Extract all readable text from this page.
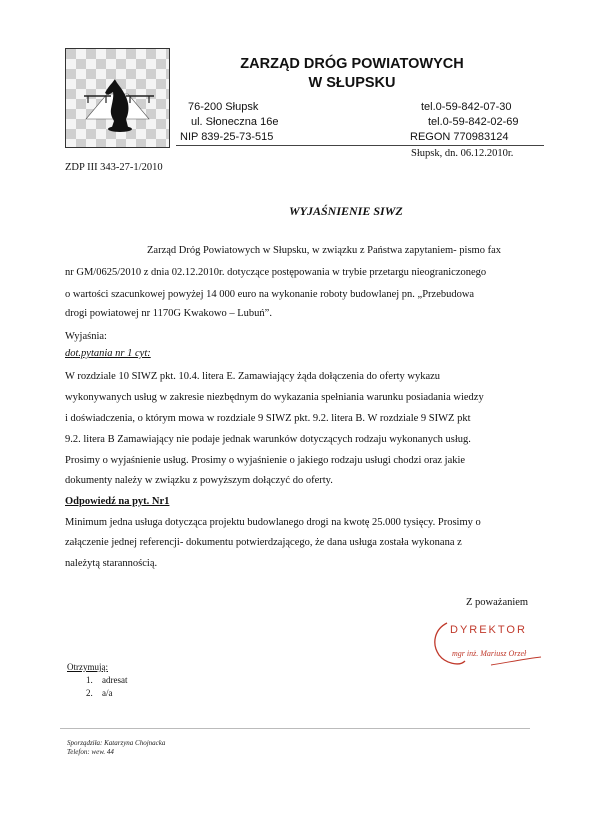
ZARZĄD DRÓG POWIATOWYCH
W SŁUPSKU
76-200 Słupsk
ul. Słoneczna 16e
NIP 839-25-73-515
tel.0-59-842-07-30
tel.0-59-842-02-69
REGON 770983124
Słupsk, dn. 06.12.2010r.
ZDP III 343-27-1/2010
WYJAŚNIENIE SIWZ
Zarząd Dróg Powiatowych w Słupsku, w związku z Państwa zapytaniem- pismo fax
nr GM/0625/2010 z dnia 02.12.2010r. dotyczące postępowania w trybie przetargu nieograniczonego
o wartości szacunkowej powyżej 14 000 euro na wykonanie roboty budowlanej pn. „Przebudowa
drogi powiatowej nr 1170G Kwakowo – Lubuń”.
Wyjaśnia:
dot.pytania nr 1 cyt:
W rozdziale 10 SIWZ pkt. 10.4. litera E. Zamawiający żąda dołączenia do oferty wykazu
wykonywanych usług w zakresie niezbędnym do wykazania spełniania warunku posiadania wiedzy
i doświadczenia, o którym mowa w rozdziale 9 SIWZ pkt. 9.2. litera B. W rozdziale 9 SIWZ pkt
9.2. litera B Zamawiający nie podaje jednak warunków dotyczących rodzaju wykonanych usług.
Prosimy o wyjaśnienie usług. Prosimy o wyjaśnienie o jakiego rodzaju usługi chodzi oraz jakie
dokumenty należy w związku z powyższym dołączyć do oferty.
Odpowiedź na pyt. Nr1
Minimum jedna usługa dotycząca projektu budowlanego drogi na kwotę 25.000 tysięcy. Prosimy o
załączenie jednej referencji- dokumentu potwierdzającego, że dana usługa została wykonana z
należytą starannością.
Z poważaniem
DYREKTOR
mgr inż. Mariusz Orzeł
Otrzymują:
1. adresat
2. a/a
Sporządziła: Katarzyna Chojnacka
Telefon: wew. 44
